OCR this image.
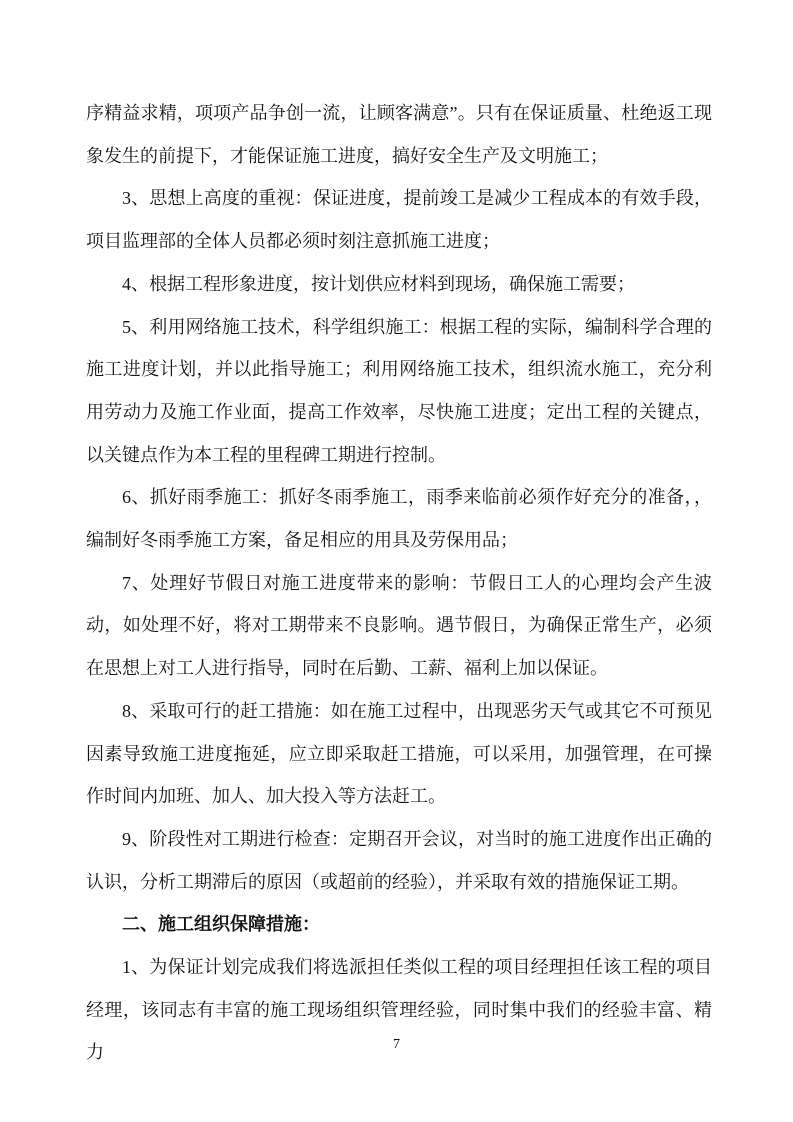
序精益求精，项项产品争创一流，让顾客满意”。只有在保证质量、杜绝返工现象发生的前提下，才能保证施工进度，搞好安全生产及文明施工；

3、思想上高度的重视：保证进度，提前竣工是减少工程成本的有效手段，项目监理部的全体人员都必须时刻注意抓施工进度；

4、根据工程形象进度，按计划供应材料到现场，确保施工需要；

5、利用网络施工技术，科学组织施工：根据工程的实际，编制科学合理的施工进度计划，并以此指导施工；利用网络施工技术，组织流水施工，充分利用劳动力及施工作业面，提高工作效率，尽快施工进度；定出工程的关键点，以关键点作为本工程的里程碑工期进行控制。

6、抓好雨季施工：抓好冬雨季施工，雨季来临前必须作好充分的准备，，编制好冬雨季施工方案，备足相应的用具及劳保用品；

7、处理好节假日对施工进度带来的影响：节假日工人的心理均会产生波动，如处理不好，将对工期带来不良影响。遇节假日，为确保正常生产，必须在思想上对工人进行指导，同时在后勤、工薪、福利上加以保证。

8、采取可行的赶工措施：如在施工过程中，出现恶劣天气或其它不可预见因素导致施工进度拖延，应立即采取赶工措施，可以采用，加强管理，在可操作时间内加班、加人、加大投入等方法赶工。

9、阶段性对工期进行检查：定期召开会议，对当时的施工进度作出正确的认识，分析工期滞后的原因（或超前的经验），并采取有效的措施保证工期。

二、施工组织保障措施：

1、为保证计划完成我们将选派担任类似工程的项目经理担任该工程的项目经理，该同志有丰富的施工现场组织管理经验，同时集中我们的经验丰富、精力	7
